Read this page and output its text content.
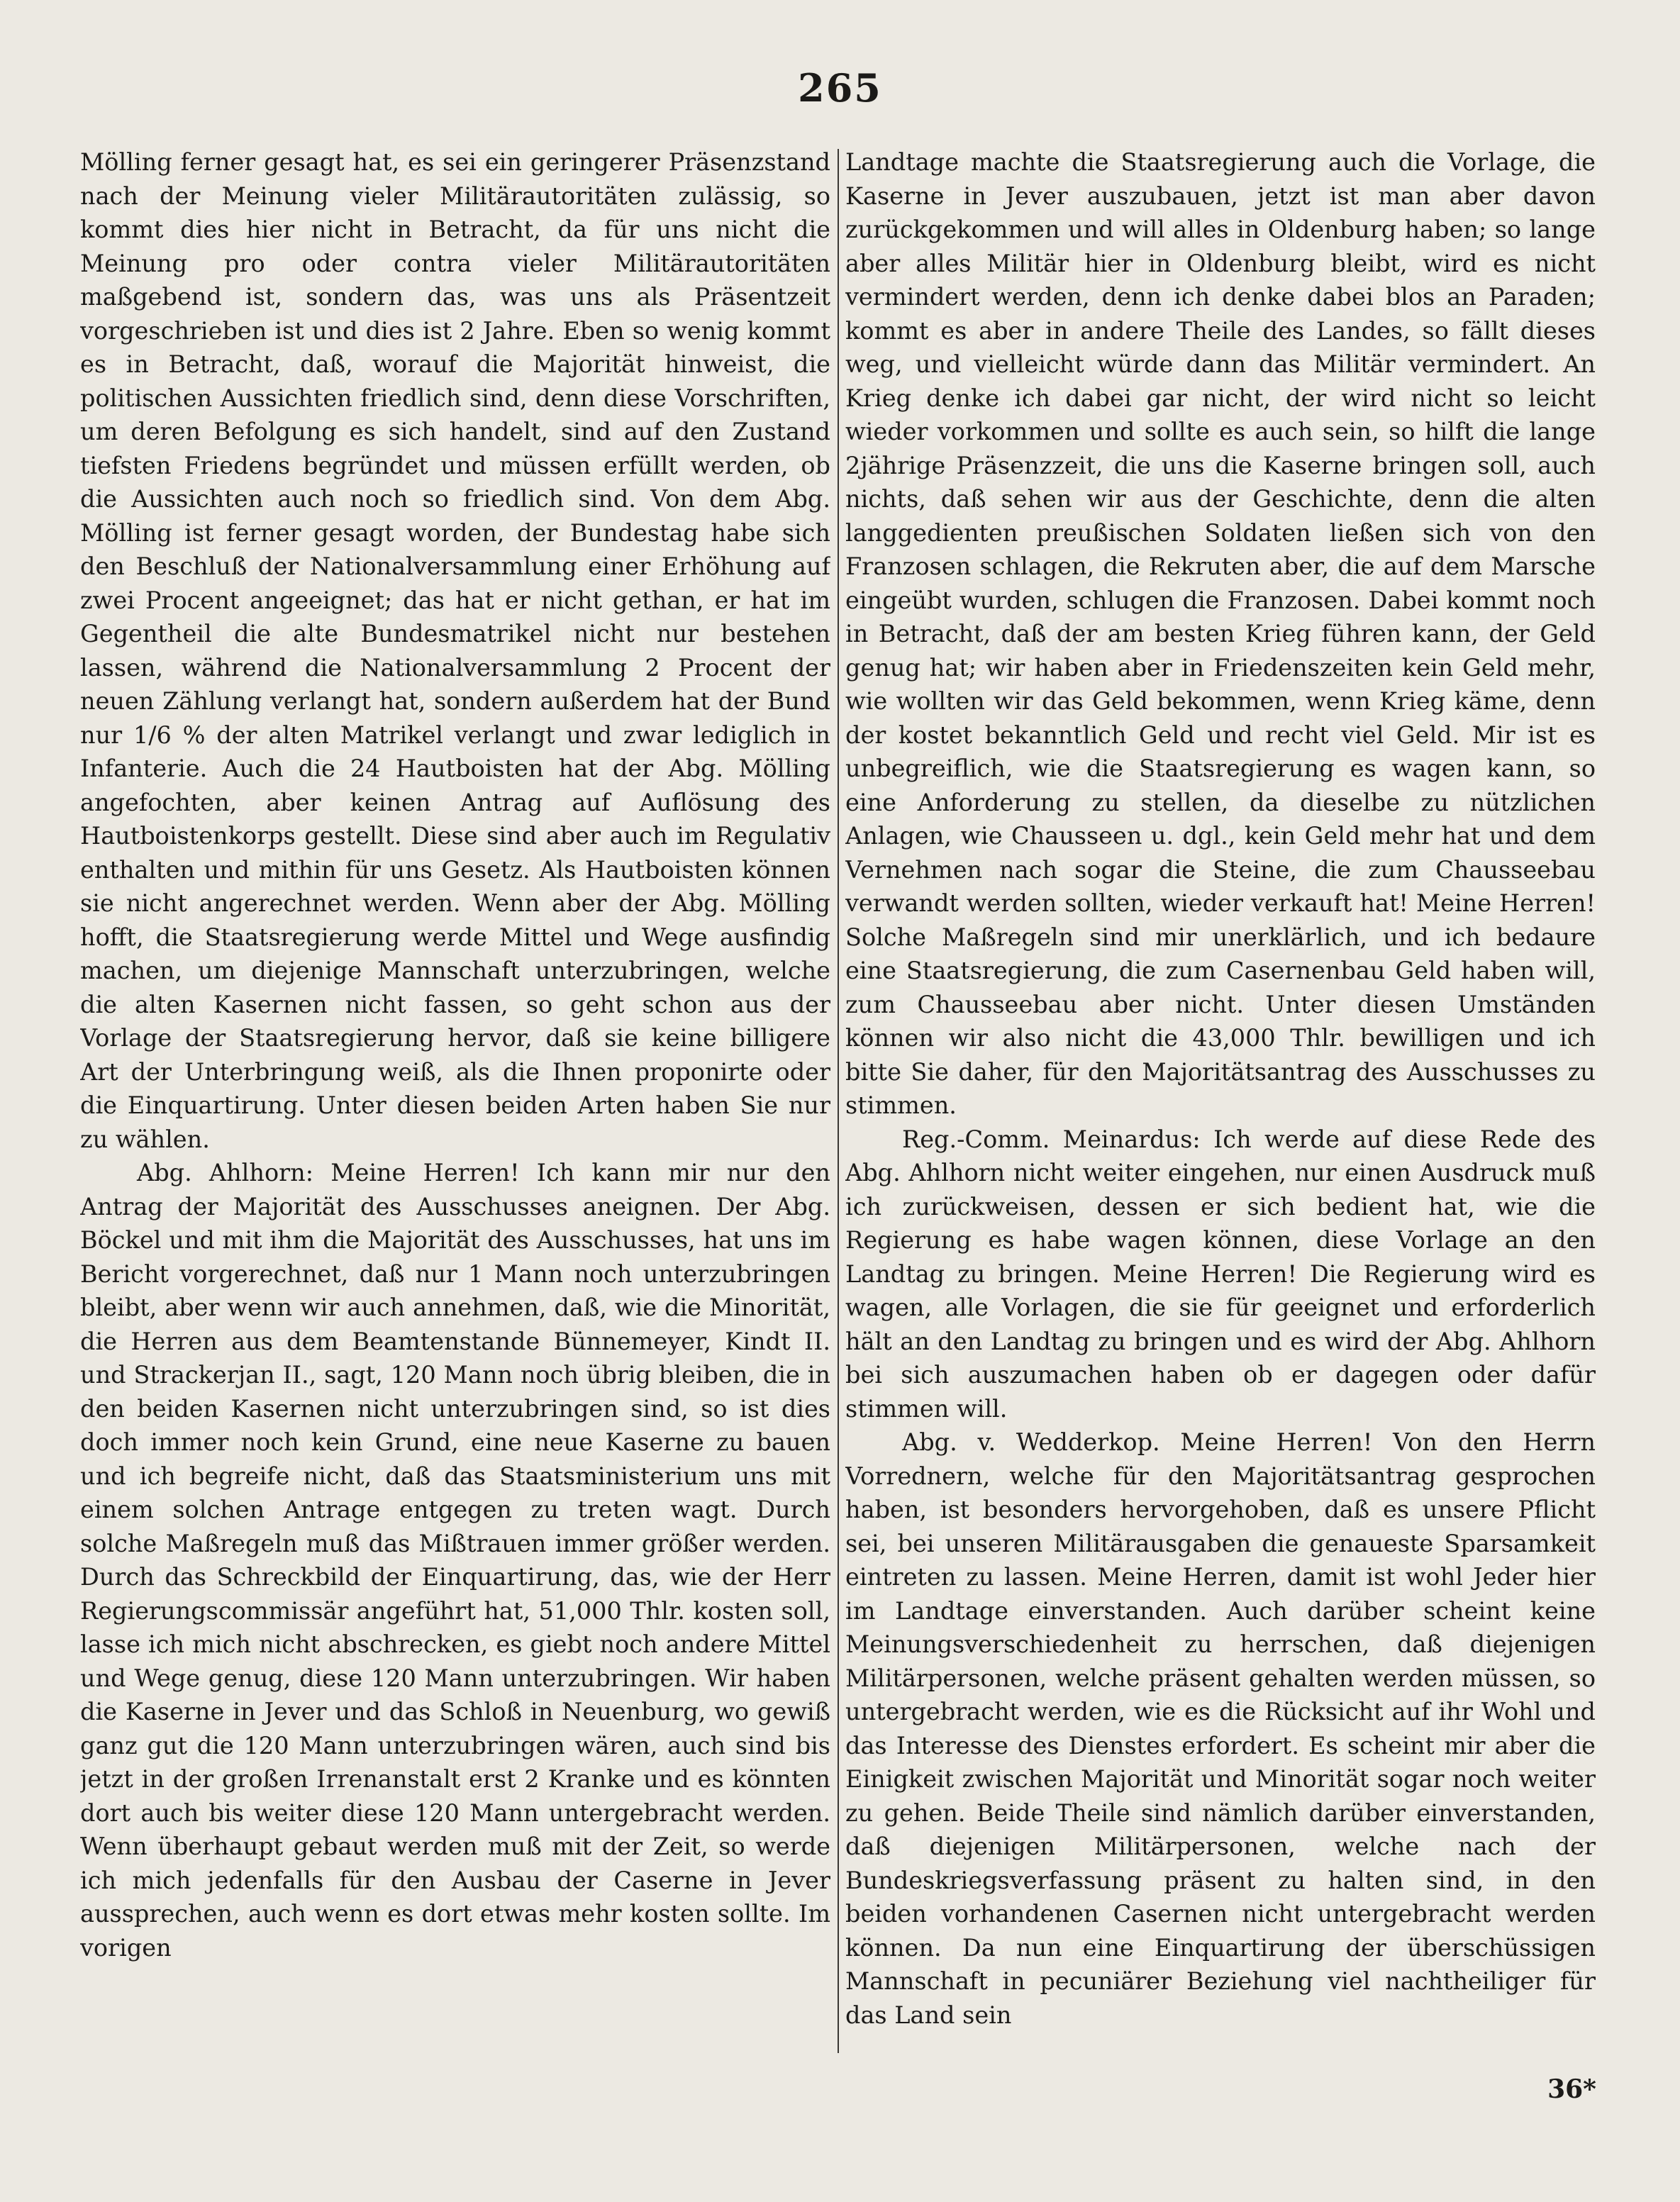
265

Mölling ferner gesagt hat, es sei ein geringerer Präsenzstand nach der Meinung vieler Militärautoritäten zulässig, so kommt dies hier nicht in Betracht, da für uns nicht die Meinung pro oder contra vieler Militärautoritäten maßgebend ist, sondern das, was uns als Präsentzeit vorgeschrieben ist und dies ist 2 Jahre. Eben so wenig kommt es in Betracht, daß, worauf die Majorität hinweist, die politischen Aussichten friedlich sind, denn diese Vorschriften, um deren Befolgung es sich handelt, sind auf den Zustand tiefsten Friedens begründet und müssen erfüllt werden, ob die Aussichten auch noch so friedlich sind. Von dem Abg. Mölling ist ferner gesagt worden, der Bundestag habe sich den Beschluß der Nationalversammlung einer Erhöhung auf zwei Procent angeeignet; das hat er nicht gethan, er hat im Gegentheil die alte Bundesmatrikel nicht nur bestehen lassen, während die Nationalversammlung 2 Procent der neuen Zählung verlangt hat, sondern außerdem hat der Bund nur 1/6 % der alten Matrikel verlangt und zwar lediglich in Infanterie. Auch die 24 Hautboisten hat der Abg. Mölling angefochten, aber keinen Antrag auf Auflösung des Hautboistenkorps gestellt. Diese sind aber auch im Regulativ enthalten und mithin für uns Gesetz. Als Hautboisten können sie nicht angerechnet werden. Wenn aber der Abg. Mölling hofft, die Staatsregierung werde Mittel und Wege ausfindig machen, um diejenige Mannschaft unterzubringen, welche die alten Kasernen nicht fassen, so geht schon aus der Vorlage der Staatsregierung hervor, daß sie keine billigere Art der Unterbringung weiß, als die Ihnen proponirte oder die Einquartirung. Unter diesen beiden Arten haben Sie nur zu wählen.

Abg. Ahlhorn: Meine Herren! Ich kann mir nur den Antrag der Majorität des Ausschusses aneignen. Der Abg. Böckel und mit ihm die Majorität des Ausschusses, hat uns im Bericht vorgerechnet, daß nur 1 Mann noch unterzubringen bleibt, aber wenn wir auch annehmen, daß, wie die Minorität, die Herren aus dem Beamtenstande Bünnemeyer, Kindt II. und Strackerjan II., sagt, 120 Mann noch übrig bleiben, die in den beiden Kasernen nicht unterzubringen sind, so ist dies doch immer noch kein Grund, eine neue Kaserne zu bauen und ich begreife nicht, daß das Staatsministerium uns mit einem solchen Antrage entgegen zu treten wagt. Durch solche Maßregeln muß das Mißtrauen immer größer werden. Durch das Schreckbild der Einquartirung, das, wie der Herr Regierungscommissär angeführt hat, 51,000 Thlr. kosten soll, lasse ich mich nicht abschrecken, es giebt noch andere Mittel und Wege genug, diese 120 Mann unterzubringen. Wir haben die Kaserne in Jever und das Schloß in Neuenburg, wo gewiß ganz gut die 120 Mann unterzubringen wären, auch sind bis jetzt in der großen Irrenanstalt erst 2 Kranke und es könnten dort auch bis weiter diese 120 Mann untergebracht werden. Wenn überhaupt gebaut werden muß mit der Zeit, so werde ich mich jedenfalls für den Ausbau der Caserne in Jever aussprechen, auch wenn es dort etwas mehr kosten sollte. Im vorigen

Landtage machte die Staatsregierung auch die Vorlage, die Kaserne in Jever auszubauen, jetzt ist man aber davon zurückgekommen und will alles in Oldenburg haben; so lange aber alles Militär hier in Oldenburg bleibt, wird es nicht vermindert werden, denn ich denke dabei blos an Paraden; kommt es aber in andere Theile des Landes, so fällt dieses weg, und vielleicht würde dann das Militär vermindert. An Krieg denke ich dabei gar nicht, der wird nicht so leicht wieder vorkommen und sollte es auch sein, so hilft die lange 2jährige Präsenzzeit, die uns die Kaserne bringen soll, auch nichts, daß sehen wir aus der Geschichte, denn die alten langgedienten preußischen Soldaten ließen sich von den Franzosen schlagen, die Rekruten aber, die auf dem Marsche eingeübt wurden, schlugen die Franzosen. Dabei kommt noch in Betracht, daß der am besten Krieg führen kann, der Geld genug hat; wir haben aber in Friedenszeiten kein Geld mehr, wie wollten wir das Geld bekommen, wenn Krieg käme, denn der kostet bekanntlich Geld und recht viel Geld. Mir ist es unbegreiflich, wie die Staatsregierung es wagen kann, so eine Anforderung zu stellen, da dieselbe zu nützlichen Anlagen, wie Chausseen u. dgl., kein Geld mehr hat und dem Vernehmen nach sogar die Steine, die zum Chausseebau verwandt werden sollten, wieder verkauft hat! Meine Herren! Solche Maßregeln sind mir unerklärlich, und ich bedaure eine Staatsregierung, die zum Casernenbau Geld haben will, zum Chausseebau aber nicht. Unter diesen Umständen können wir also nicht die 43,000 Thlr. bewilligen und ich bitte Sie daher, für den Majoritätsantrag des Ausschusses zu stimmen.

Reg.-Comm. Meinardus: Ich werde auf diese Rede des Abg. Ahlhorn nicht weiter eingehen, nur einen Ausdruck muß ich zurückweisen, dessen er sich bedient hat, wie die Regierung es habe wagen können, diese Vorlage an den Landtag zu bringen. Meine Herren! Die Regierung wird es wagen, alle Vorlagen, die sie für geeignet und erforderlich hält an den Landtag zu bringen und es wird der Abg. Ahlhorn bei sich auszumachen haben ob er dagegen oder dafür stimmen will.

Abg. v. Wedderkop. Meine Herren! Von den Herrn Vorrednern, welche für den Majoritätsantrag gesprochen haben, ist besonders hervorgehoben, daß es unsere Pflicht sei, bei unseren Militärausgaben die genaueste Sparsamkeit eintreten zu lassen. Meine Herren, damit ist wohl Jeder hier im Landtage einverstanden. Auch darüber scheint keine Meinungsverschiedenheit zu herrschen, daß diejenigen Militärpersonen, welche präsent gehalten werden müssen, so untergebracht werden, wie es die Rücksicht auf ihr Wohl und das Interesse des Dienstes erfordert. Es scheint mir aber die Einigkeit zwischen Majorität und Minorität sogar noch weiter zu gehen. Beide Theile sind nämlich darüber einverstanden, daß diejenigen Militärpersonen, welche nach der Bundeskriegsverfassung präsent zu halten sind, in den beiden vorhandenen Casernen nicht untergebracht werden können. Da nun eine Einquartirung der überschüssigen Mannschaft in pecuniärer Beziehung viel nachtheiliger für das Land sein

36*
